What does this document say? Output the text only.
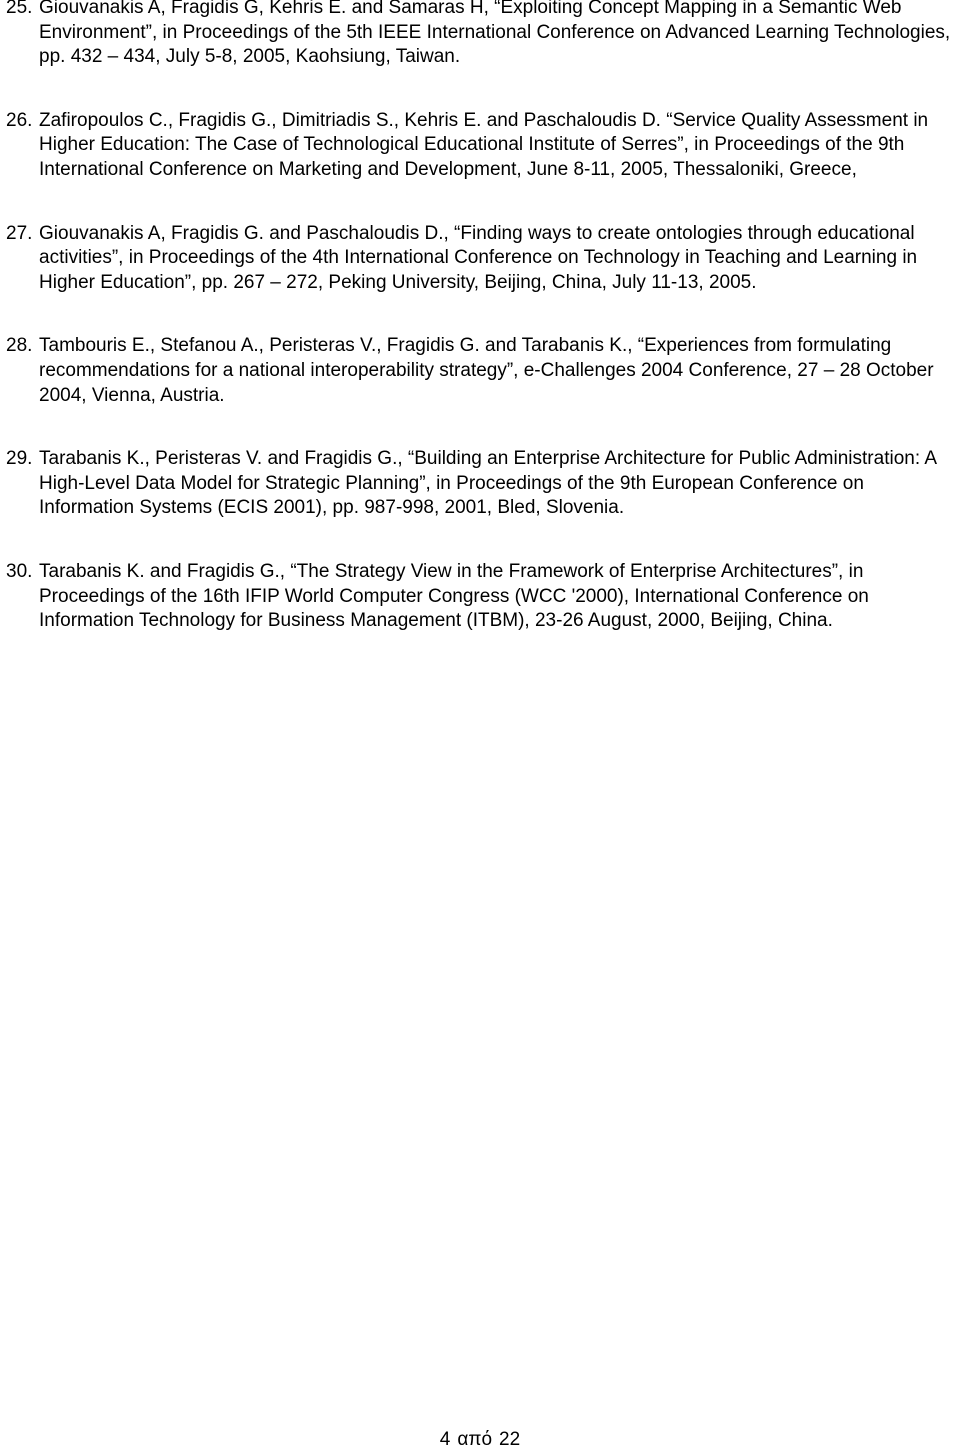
25. Giouvanakis A, Fragidis G, Kehris E. and Samaras H, “Exploiting Concept Mapping in a Semantic Web Environment”, in Proceedings of the 5th IEEE International Conference on Advanced Learning Technologies, pp. 432 – 434, July 5-8, 2005, Kaohsiung, Taiwan.
26. Zafiropoulos C., Fragidis G., Dimitriadis S., Kehris E. and Paschaloudis D. “Service Quality Assessment in Higher Education: The Case of Technological Educational Institute of Serres”, in Proceedings of the 9th International Conference on Marketing and Development, June 8-11, 2005, Thessaloniki, Greece,
27. Giouvanakis A, Fragidis G. and Paschaloudis D., “Finding ways to create ontologies through educational activities”, in Proceedings of the 4th International Conference on Technology in Teaching and Learning in Higher Education”, pp. 267 – 272, Peking University, Beijing, China, July 11-13, 2005.
28. Tambouris E., Stefanou A., Peristeras V., Fragidis G. and Tarabanis K., “Experiences from formulating recommendations for a national interoperability strategy”, e-Challenges 2004 Conference, 27 – 28 October 2004, Vienna, Austria.
29. Tarabanis K., Peristeras V. and Fragidis G., “Building an Enterprise Architecture for Public Administration: A High-Level Data Model for Strategic Planning”, in Proceedings of the 9th European Conference on Information Systems (ECIS 2001), pp. 987-998, 2001, Bled, Slovenia.
30. Tarabanis K. and Fragidis G., “The Strategy View in the Framework of Enterprise Architectures”, in Proceedings of the 16th IFIP World Computer Congress (WCC '2000), International Conference on Information Technology for Business Management (ITBM), 23-26 August, 2000, Beijing, China.
4 από 22
